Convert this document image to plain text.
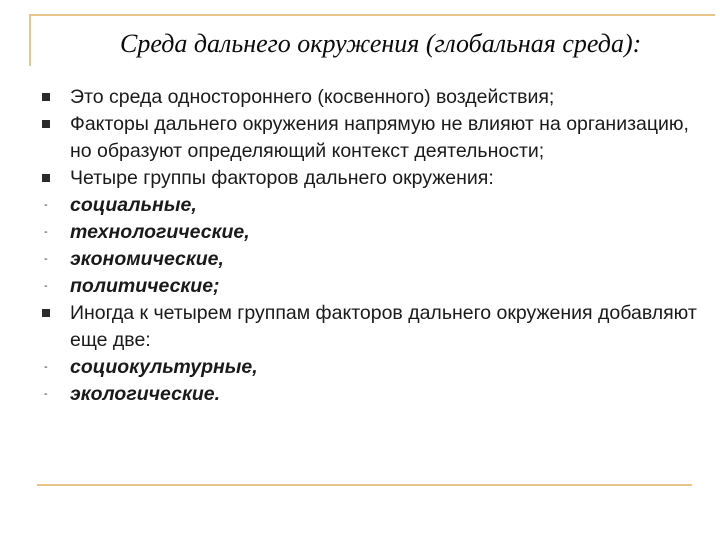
Среда дальнего окружения (глобальная среда):
Это среда одностороннего (косвенного) воздействия;
Факторы дальнего окружения напрямую не влияют на организацию, но образуют определяющий контекст деятельности;
Четыре группы факторов дальнего окружения:
- социальные,
- технологические,
- экономические,
- политические;
Иногда к четырем группам факторов дальнего окружения добавляют еще две:
- социокультурные,
- экологические.
